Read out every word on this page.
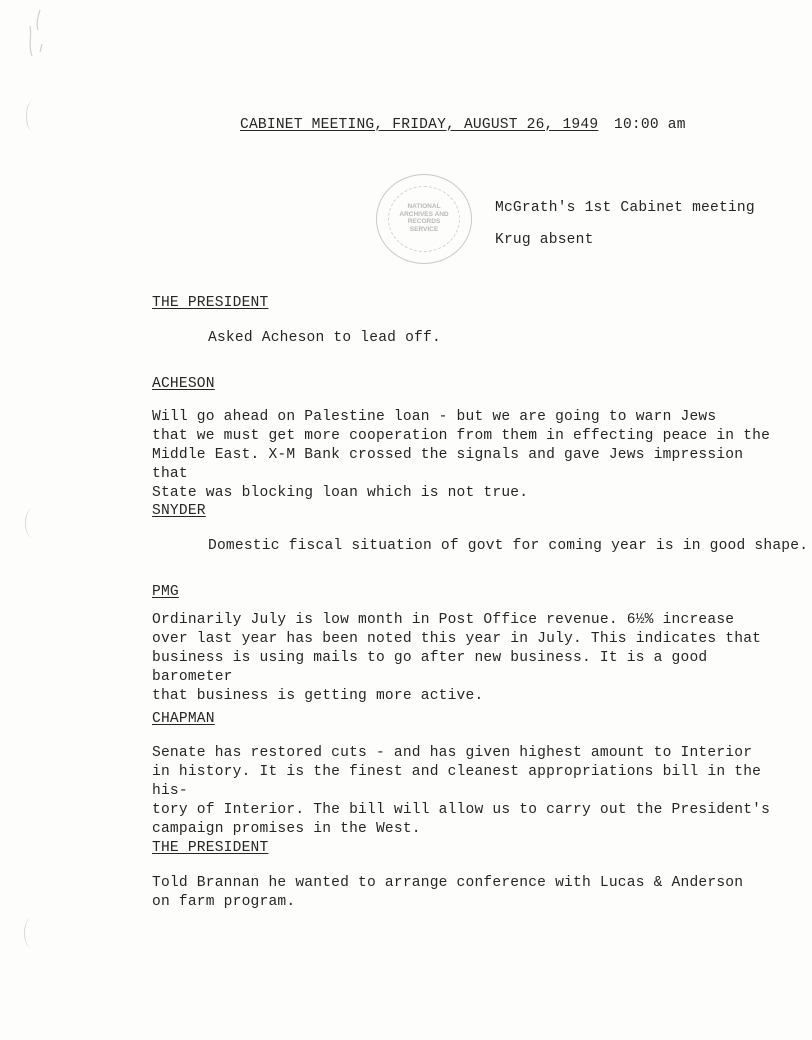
CABINET MEETING, FRIDAY, AUGUST 26, 1949 10:00 am
NATIONAL
ARCHIVES AND
RECORDS
SERVICE
McGrath's 1st Cabinet meeting
Krug absent
THE PRESIDENT
Asked Acheson to lead off.
ACHESON
Will go ahead on Palestine loan - but we are going to warn Jews
that we must get more cooperation from them in effecting peace in the
Middle East. X-M Bank crossed the signals and gave Jews impression that
State was blocking loan which is not true.
SNYDER
Domestic fiscal situation of govt for coming year is in good shape.
PMG
Ordinarily July is low month in Post Office revenue. 6½% increase
over last year has been noted this year in July. This indicates that
business is using mails to go after new business. It is a good barometer
that business is getting more active.
CHAPMAN
Senate has restored cuts - and has given highest amount to Interior
in history. It is the finest and cleanest appropriations bill in the his-
tory of Interior. The bill will allow us to carry out the President's
campaign promises in the West.
THE PRESIDENT
Told Brannan he wanted to arrange conference with Lucas & Anderson
on farm program.
